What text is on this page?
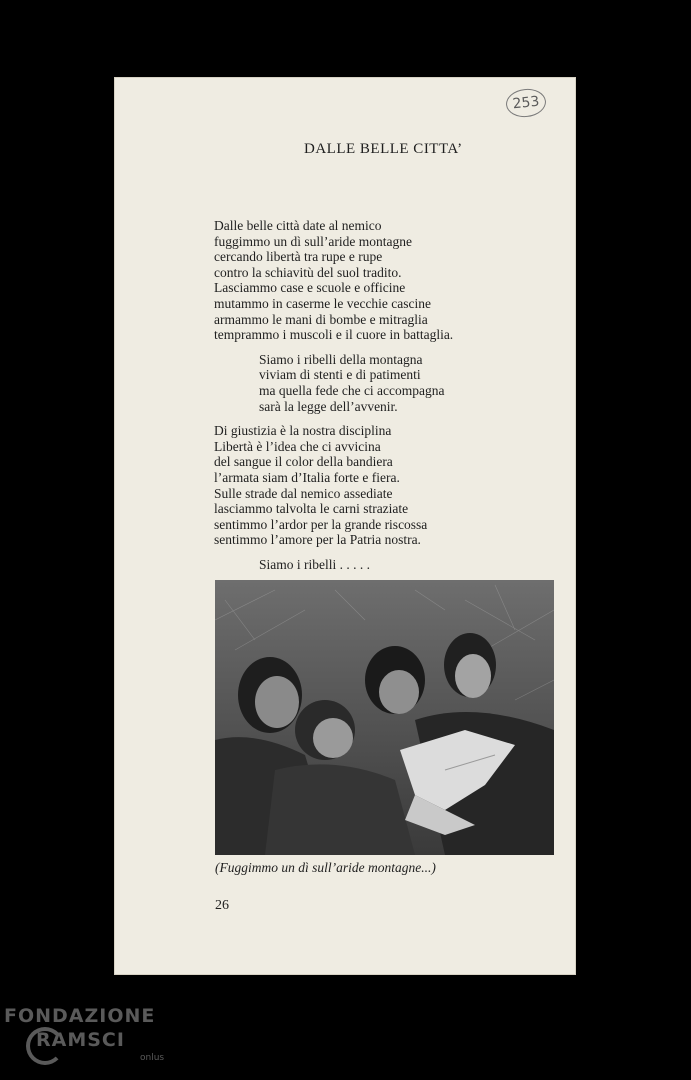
253
DALLE BELLE CITTA’
Dalle belle città date al nemico
fuggimmo un dì sull’aride montagne
cercando libertà tra rupe e rupe
contro la schiavitù del suol tradito.
Lasciammo case e scuole e officine
mutammo in caserme le vecchie cascine
armammo le mani di bombe e mitraglia
temprammo i muscoli e il cuore in battaglia.
Siamo i ribelli della montagna
viviam di stenti e di patimenti
ma quella fede che ci accompagna
sarà la legge dell’avvenir.
Di giustizia è la nostra disciplina
Libertà è l’idea che ci avvicina
del sangue il color della bandiera
l’armata siam d’Italia forte e fiera.
Sulle strade dal nemico assediate
lasciammo talvolta le carni straziate
sentimmo l’ardor per la grande riscossa
sentimmo l’amore per la Patria nostra.
Siamo i ribelli . . . . .
(Fuggimmo un dì sull’aride montagne...)
26
FONDAZIONE
RAMSCI
onlus
